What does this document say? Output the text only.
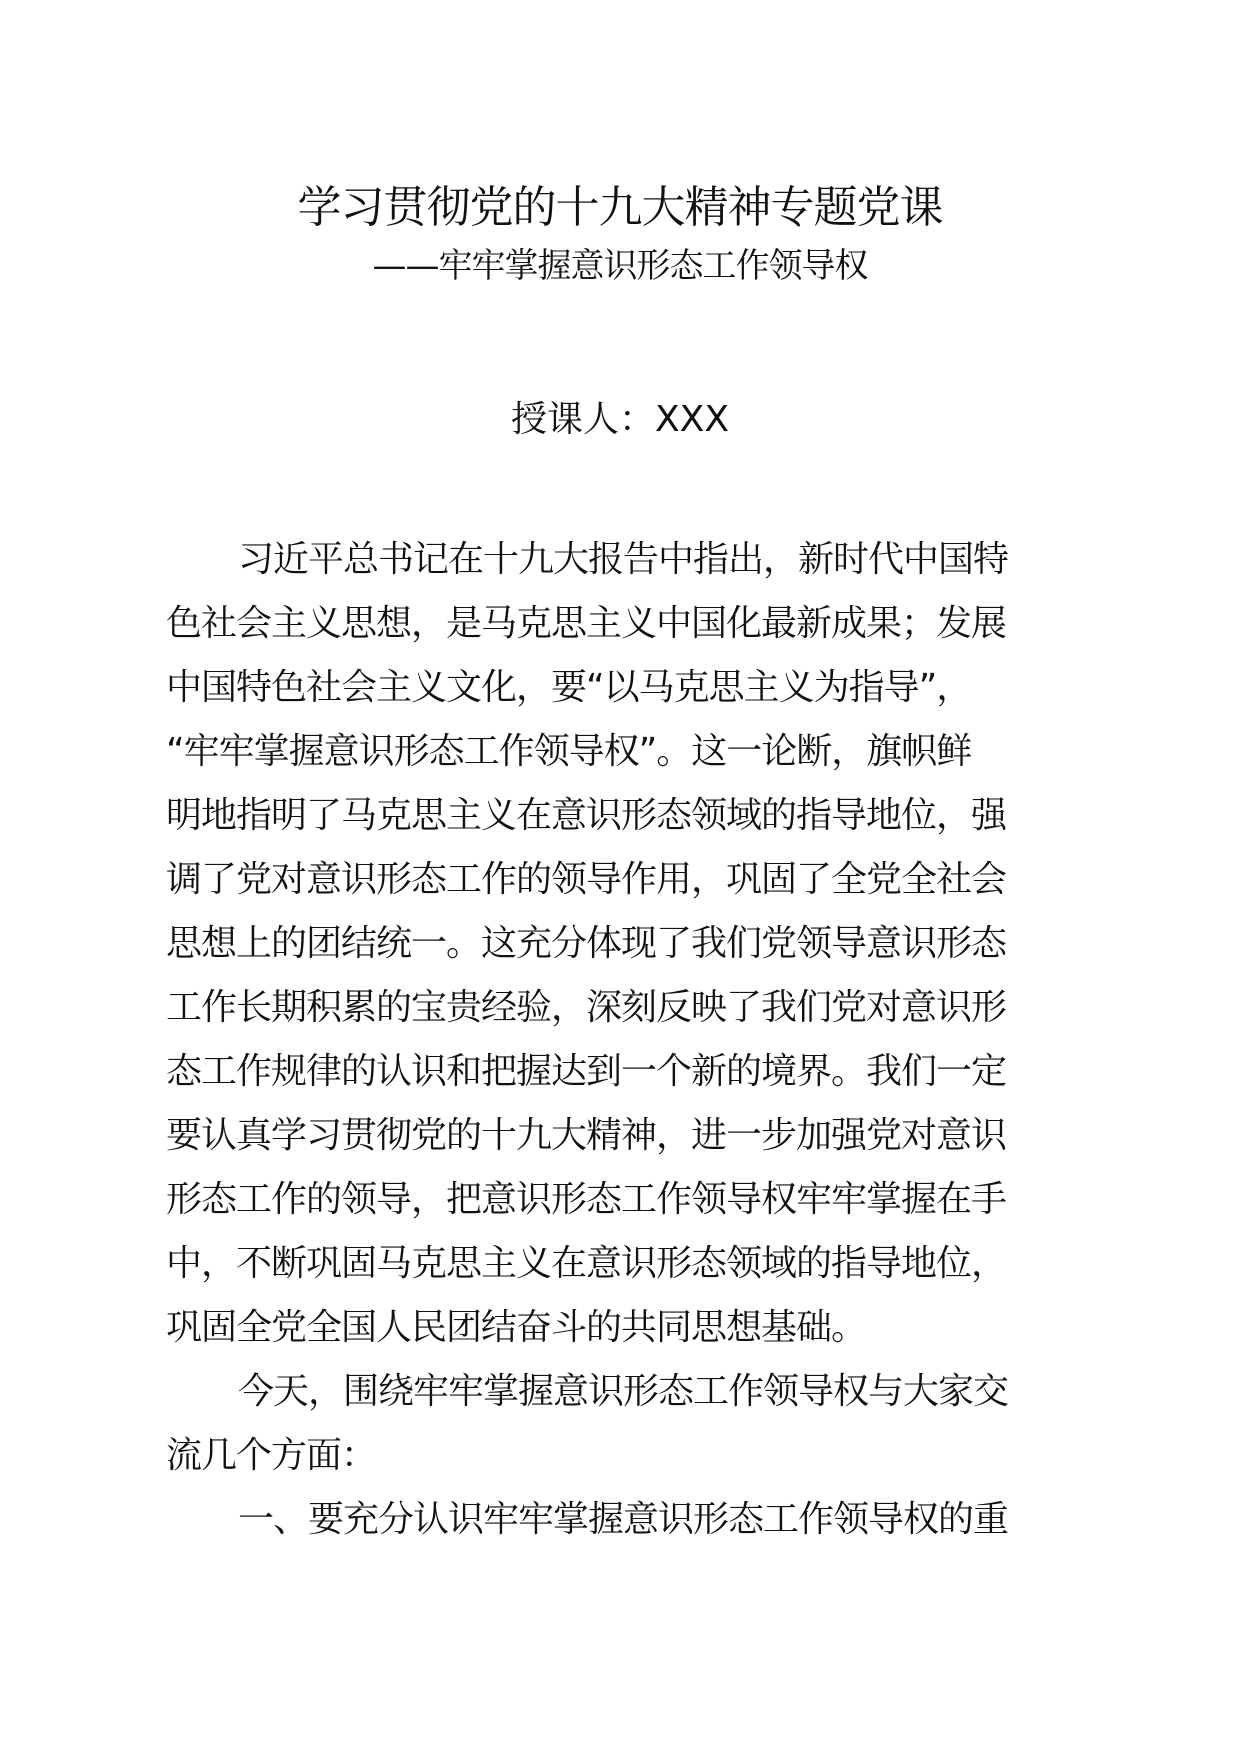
学习贯彻党的十九大精神专题党课
——牢牢掌握意识形态工作领导权
授课人：XXX
习近平总书记在十九大报告中指出，新时代中国特
色社会主义思想，是马克思主义中国化最新成果；发展
中国特色社会主义文化，要“以马克思主义为指导”，
“牢牢掌握意识形态工作领导权”。这一论断，旗帜鲜
明地指明了马克思主义在意识形态领域的指导地位，强
调了党对意识形态工作的领导作用，巩固了全党全社会
思想上的团结统一。这充分体现了我们党领导意识形态
工作长期积累的宝贵经验，深刻反映了我们党对意识形
态工作规律的认识和把握达到一个新的境界。我们一定
要认真学习贯彻党的十九大精神，进一步加强党对意识
形态工作的领导，把意识形态工作领导权牢牢掌握在手
中，不断巩固马克思主义在意识形态领域的指导地位，
巩固全党全国人民团结奋斗的共同思想基础。
今天，围绕牢牢掌握意识形态工作领导权与大家交
流几个方面：
一、要充分认识牢牢掌握意识形态工作领导权的重
